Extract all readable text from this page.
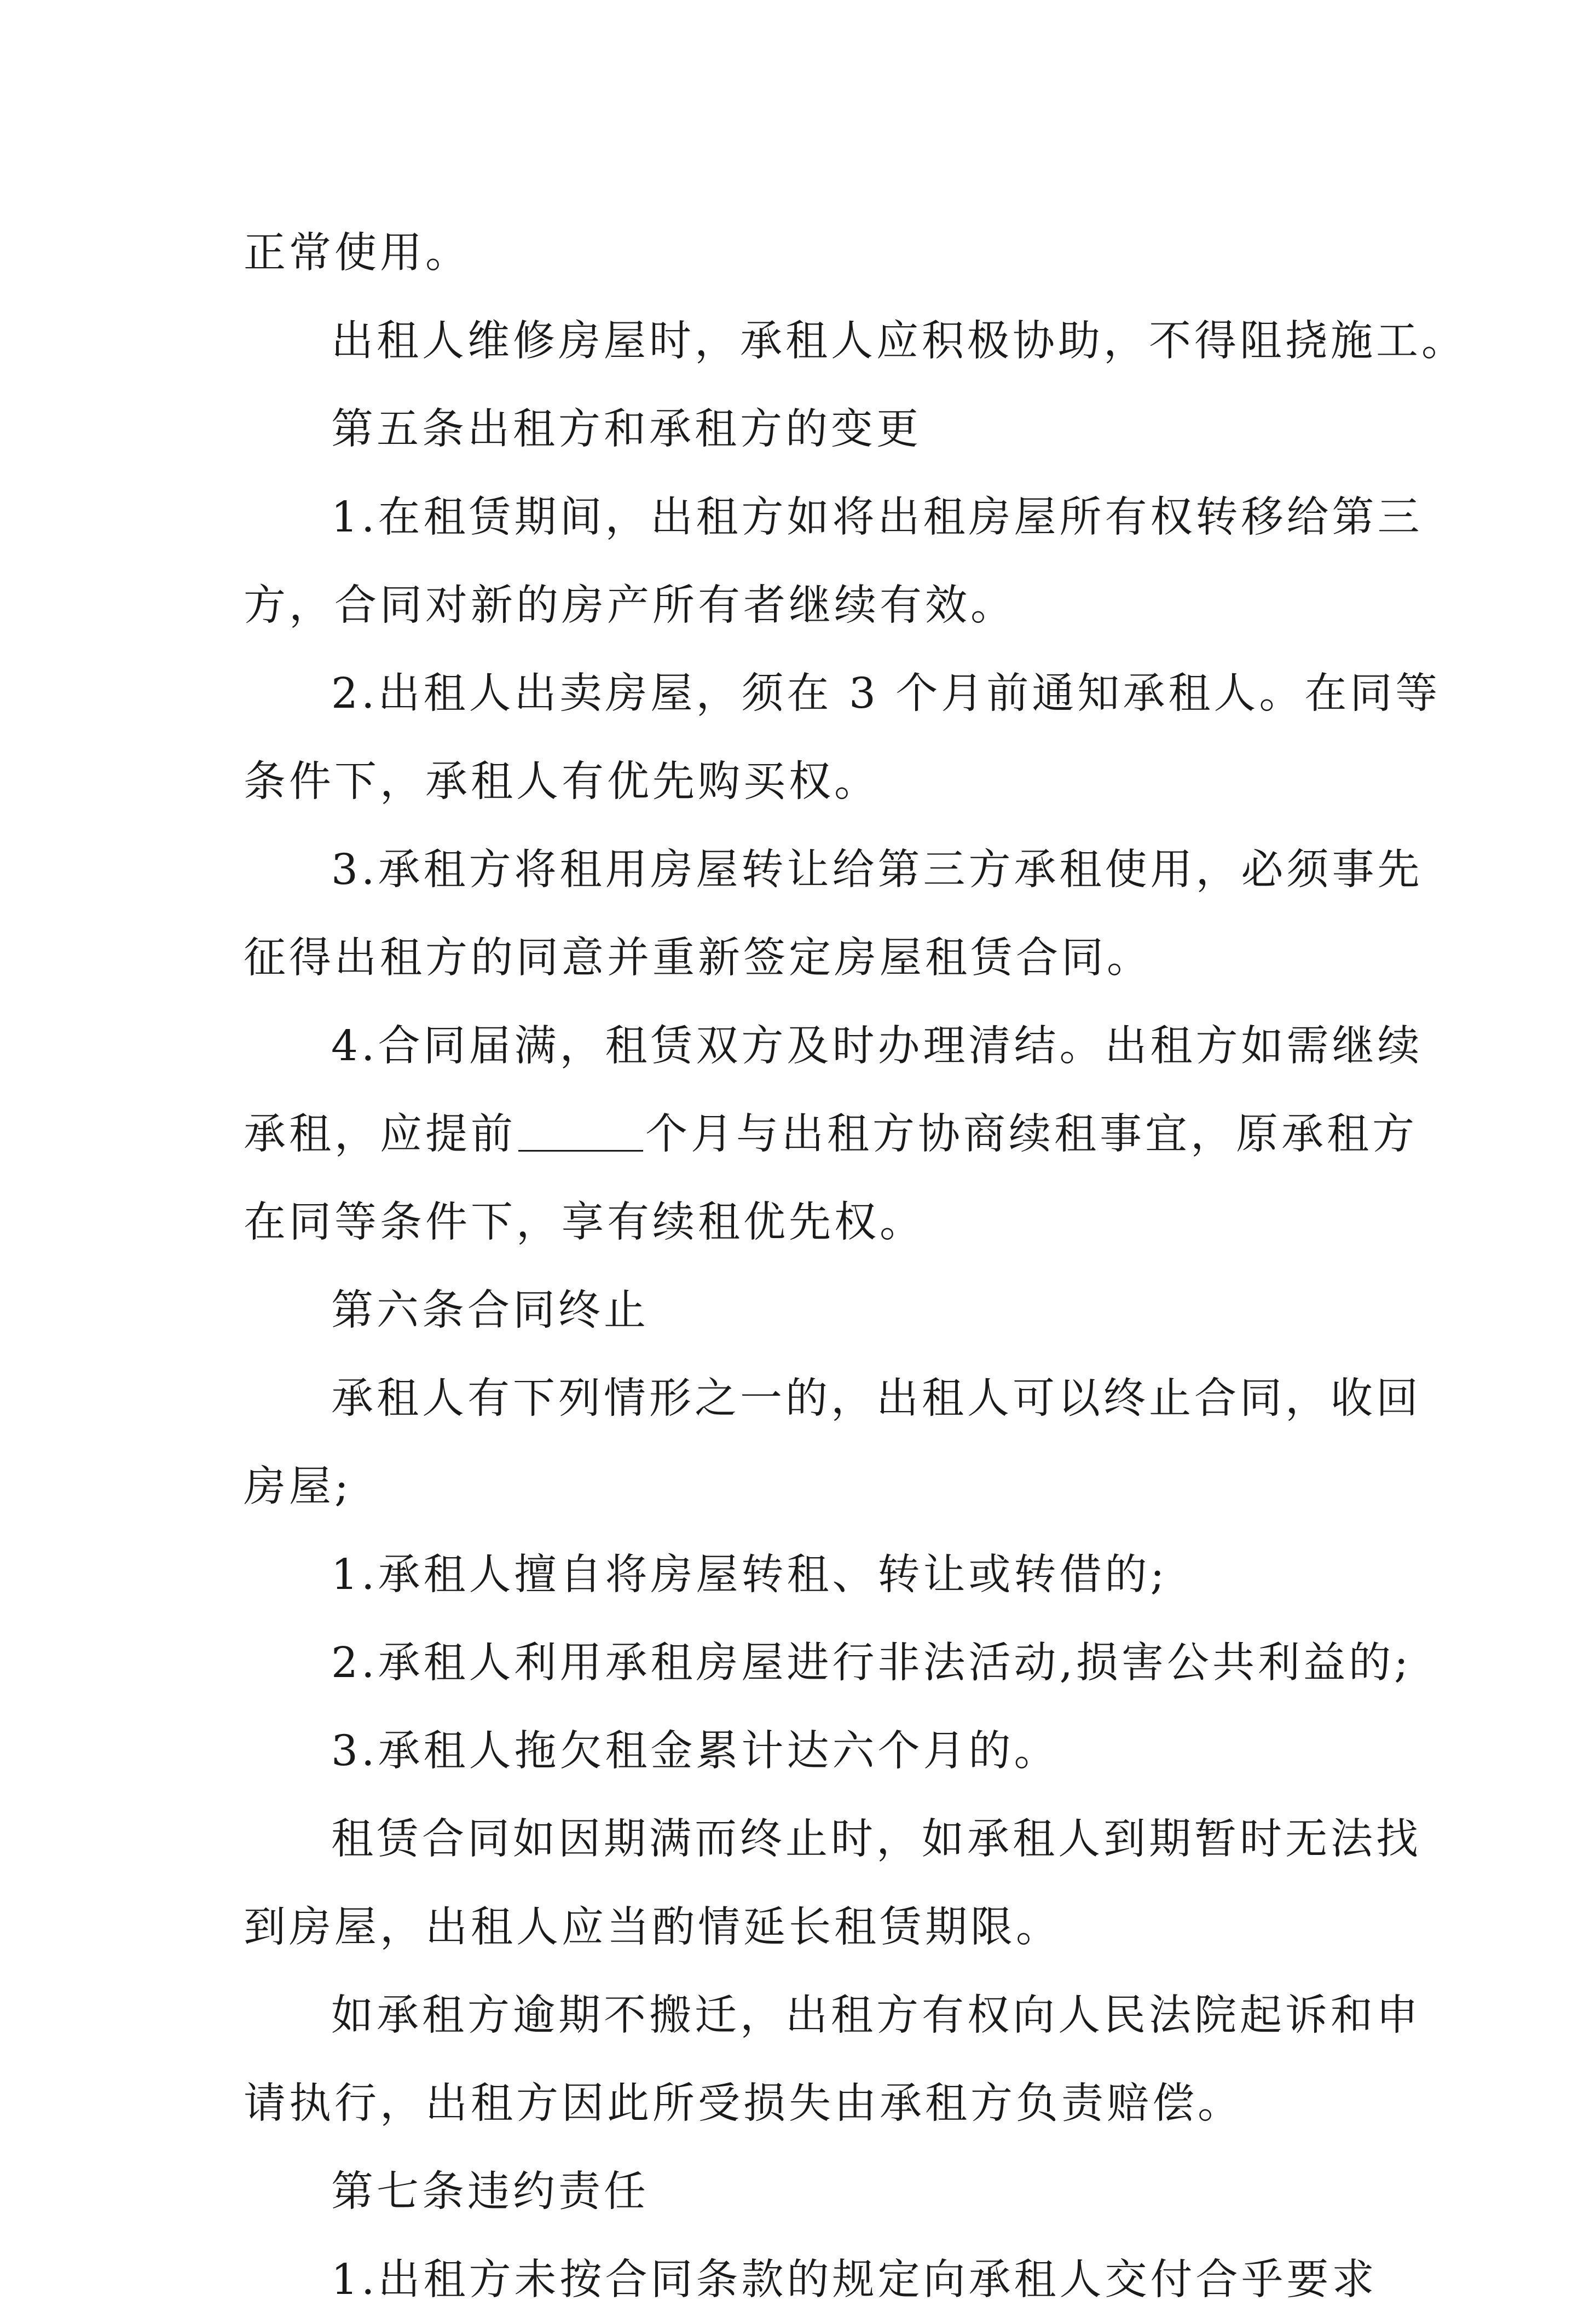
正常使用。
出租人维修房屋时，承租人应积极协助，不得阻挠施工。
第五条出租方和承租方的变更
1.在租赁期间，出租方如将出租房屋所有权转移给第三
方，合同对新的房产所有者继续有效。
2.出租人出卖房屋，须在 3 个月前通知承租人。在同等
条件下，承租人有优先购买权。
3.承租方将租用房屋转让给第三方承租使用，必须事先
征得出租方的同意并重新签定房屋租赁合同。
4.合同届满，租赁双方及时办理清结。出租方如需继续
承租，应提前	个月与出租方协商续租事宜，原承租方
在同等条件下，享有续租优先权。
第六条合同终止
承租人有下列情形之一的，出租人可以终止合同，收回
房屋;
1.承租人擅自将房屋转租、转让或转借的;
2.承租人利用承租房屋进行非法活动,损害公共利益的;
3.承租人拖欠租金累计达六个月的。
租赁合同如因期满而终止时，如承租人到期暂时无法找
到房屋，出租人应当酌情延长租赁期限。
如承租方逾期不搬迁，出租方有权向人民法院起诉和申
请执行，出租方因此所受损失由承租方负责赔偿。
第七条违约责任
1.出租方未按合同条款的规定向承租人交付合乎要求
